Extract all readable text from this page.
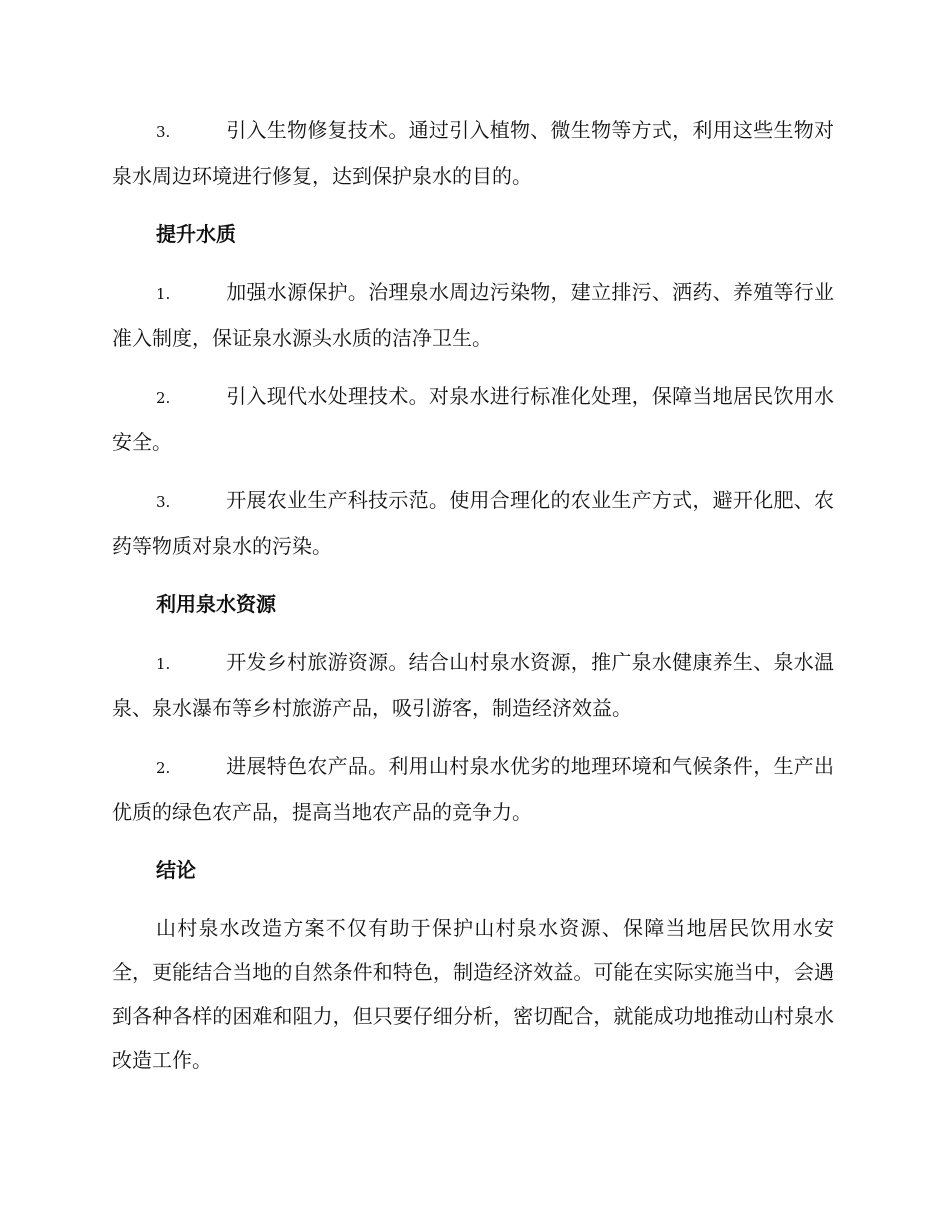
3.	引入生物修复技术。通过引入植物、微生物等方式，利用这些生物对泉水周边环境进行修复，达到保护泉水的目的。

提升水质

1.	加强水源保护。治理泉水周边污染物，建立排污、洒药、养殖等行业准入制度，保证泉水源头水质的洁净卫生。

2.	引入现代水处理技术。对泉水进行标准化处理，保障当地居民饮用水安全。

3.	开展农业生产科技示范。使用合理化的农业生产方式，避开化肥、农药等物质对泉水的污染。

利用泉水资源

1.	开发乡村旅游资源。结合山村泉水资源，推广泉水健康养生、泉水温泉、泉水瀑布等乡村旅游产品，吸引游客，制造经济效益。

2.	进展特色农产品。利用山村泉水优劣的地理环境和气候条件，生产出优质的绿色农产品，提高当地农产品的竞争力。

结论

山村泉水改造方案不仅有助于保护山村泉水资源、保障当地居民饮用水安全，更能结合当地的自然条件和特色，制造经济效益。可能在实际实施当中，会遇到各种各样的困难和阻力，但只要仔细分析，密切配合，就能成功地推动山村泉水改造工作。
